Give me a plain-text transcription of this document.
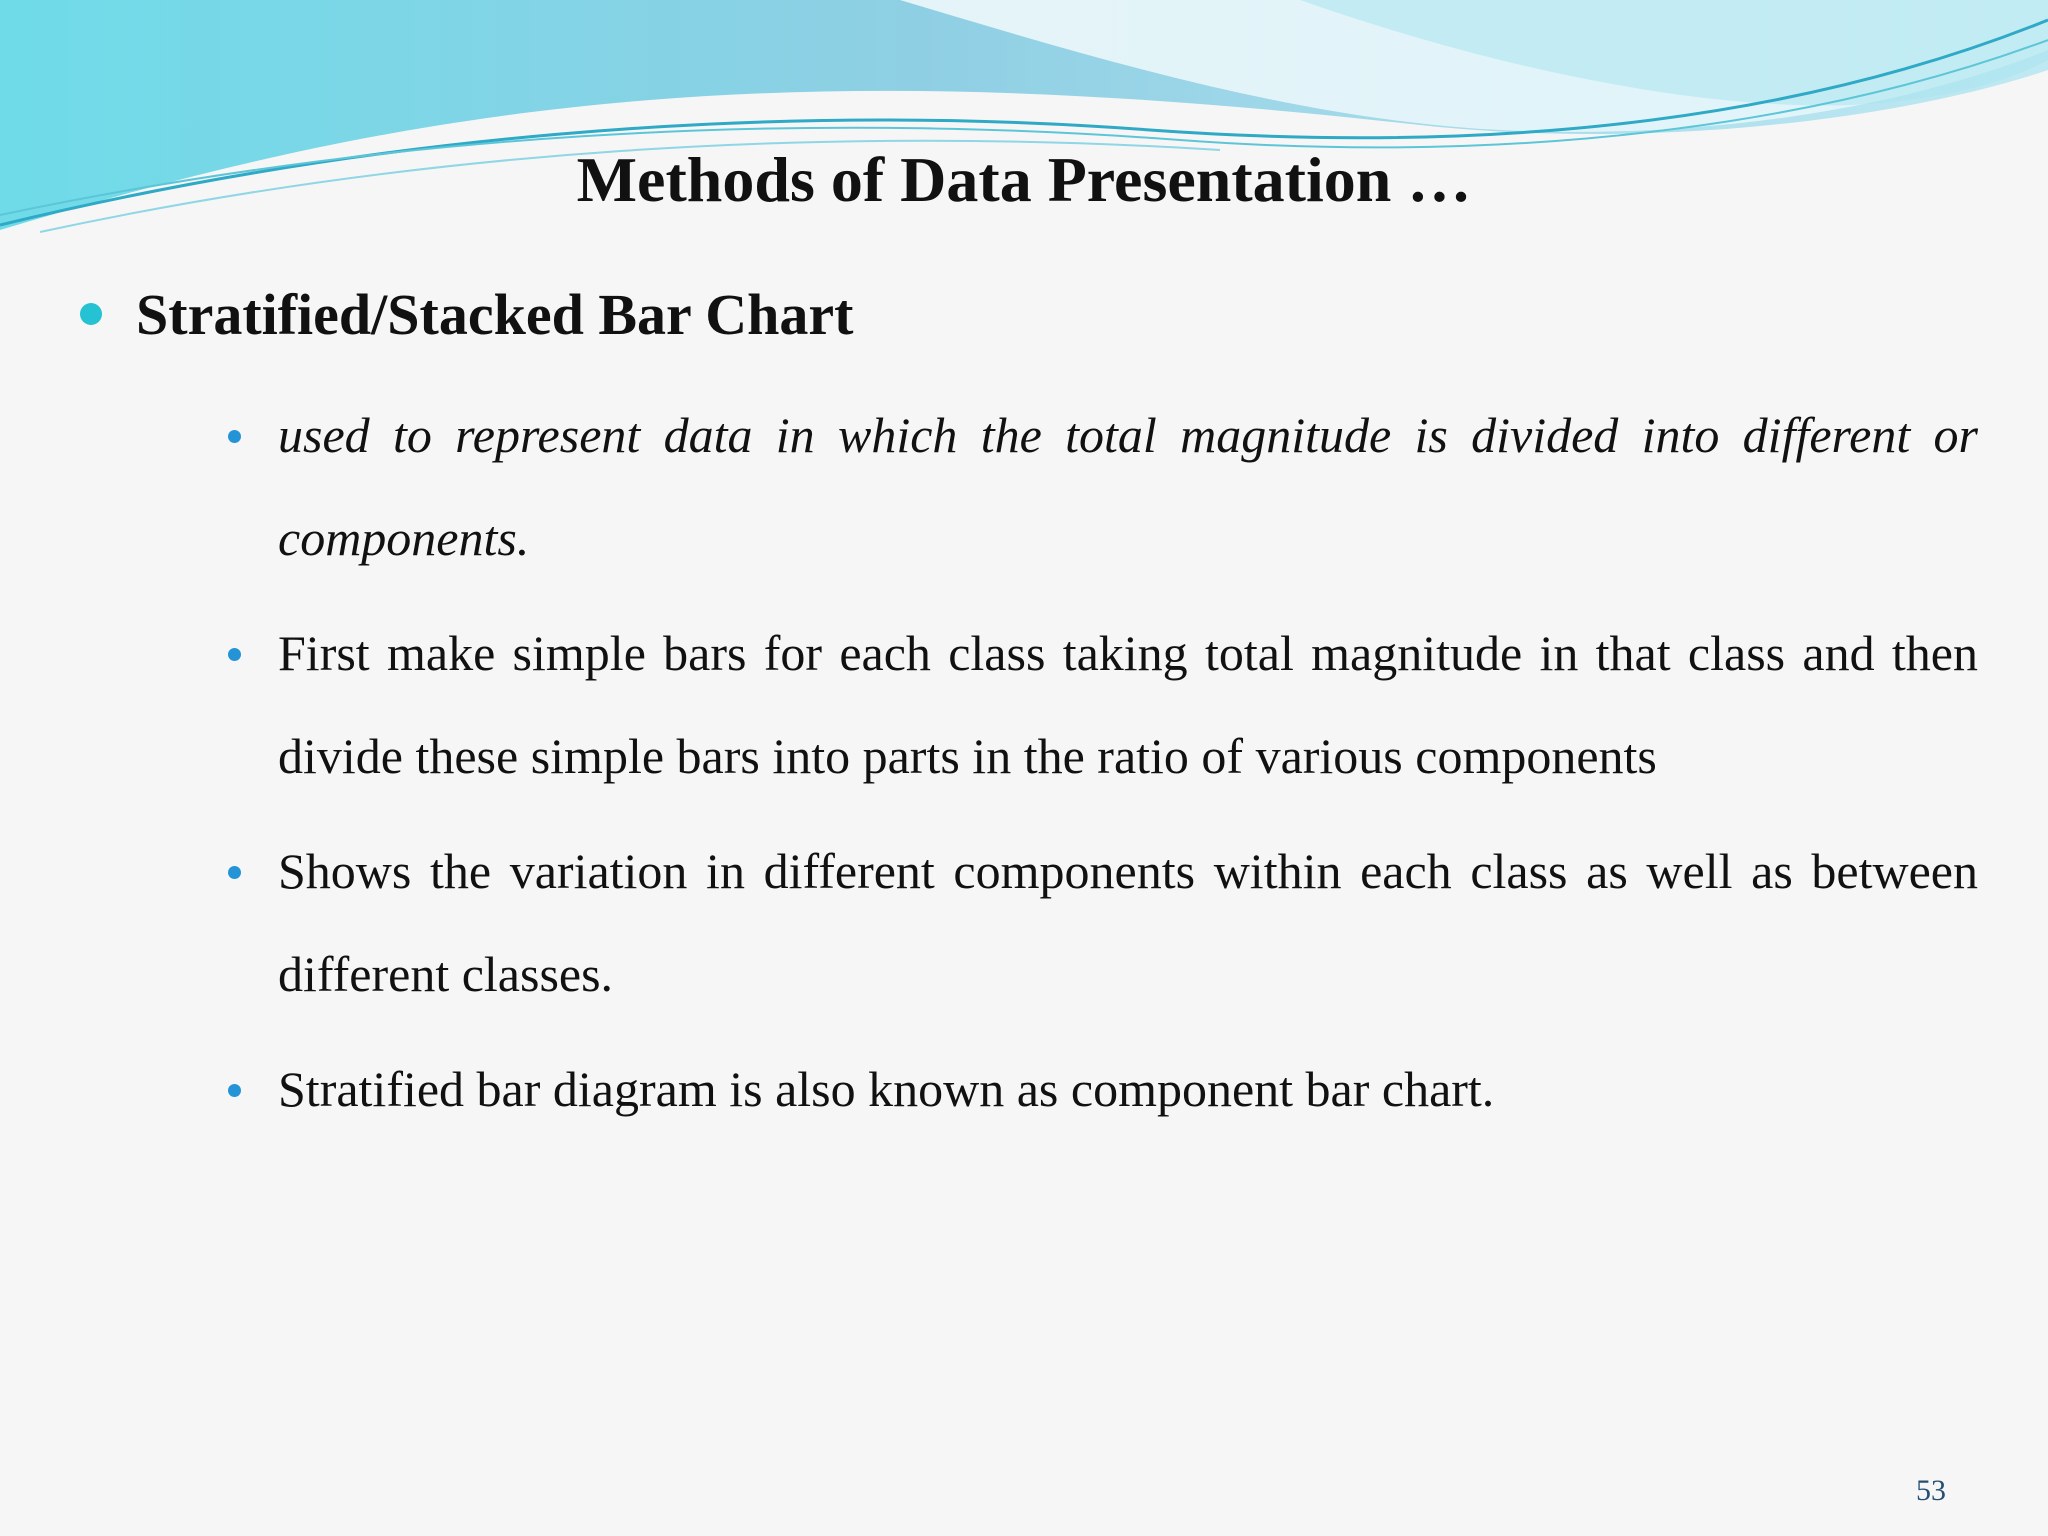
Methods of Data Presentation …
Stratified/Stacked Bar Chart
used to represent data in which the total magnitude is divided into different or components.
First make simple bars for each class taking total magnitude in that class and then divide these simple bars into parts in the ratio of various components
Shows the variation in different components within each class as well as between different classes.
Stratified bar diagram is also known as component bar chart.
53
